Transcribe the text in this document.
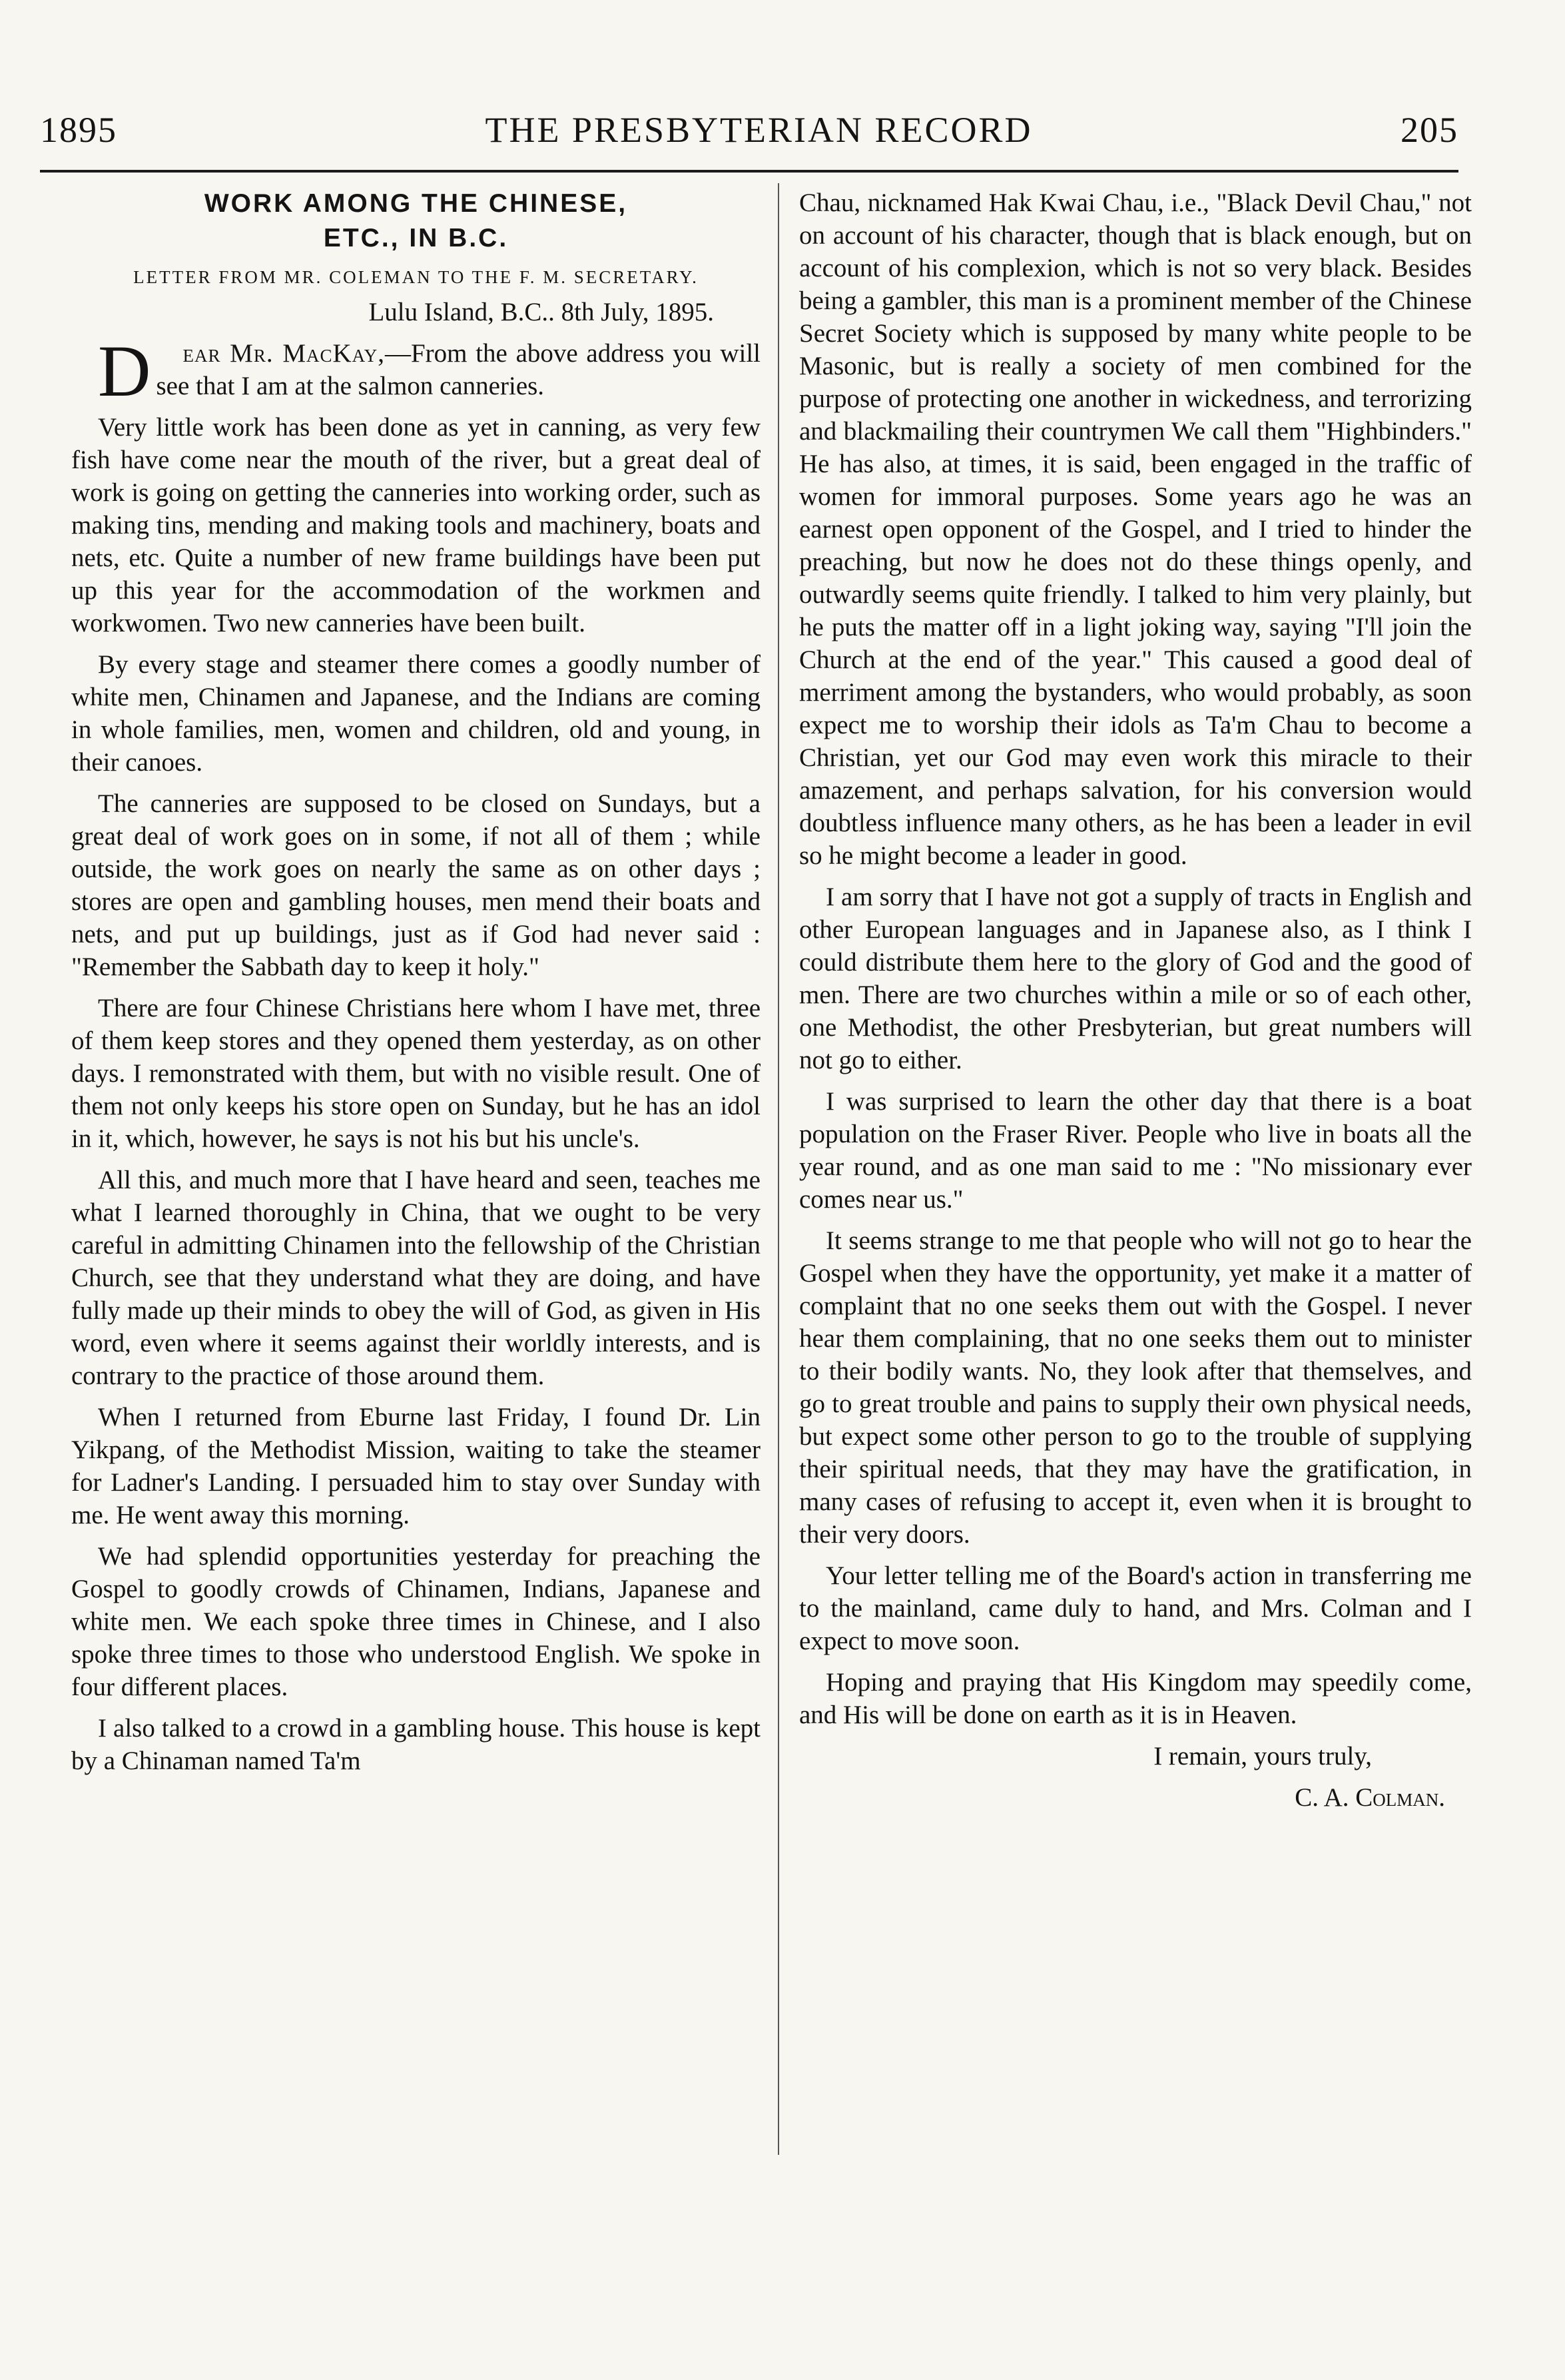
1895	THE PRESBYTERIAN RECORD	205
WORK AMONG THE CHINESE,
ETC., IN B.C.
LETTER FROM MR. COLEMAN TO THE F. M. SECRETARY.

Lulu Island, B.C.. 8th July, 1895.

D ear Mr. MacKay,—From the above address you will see that I am at the salmon canneries.

Very little work has been done as yet in canning, as very few fish have come near the mouth of the river, but a great deal of work is going on getting the canneries into working order, such as making tins, mending and making tools and machinery, boats and nets, etc. Quite a number of new frame buildings have been put up this year for the accommodation of the workmen and workwomen. Two new canneries have been built.

By every stage and steamer there comes a goodly number of white men, Chinamen and Japanese, and the Indians are coming in whole families, men, women and children, old and young, in their canoes.

The canneries are supposed to be closed on Sundays, but a great deal of work goes on in some, if not all of them ; while outside, the work goes on nearly the same as on other days ; stores are open and gambling houses, men mend their boats and nets, and put up buildings, just as if God had never said : "Remember the Sabbath day to keep it holy."

There are four Chinese Christians here whom I have met, three of them keep stores and they opened them yesterday, as on other days. I remonstrated with them, but with no visible result. One of them not only keeps his store open on Sunday, but he has an idol in it, which, however, he says is not his but his uncle's.

All this, and much more that I have heard and seen, teaches me what I learned thoroughly in China, that we ought to be very careful in admitting Chinamen into the fellowship of the Christian Church, see that they understand what they are doing, and have fully made up their minds to obey the will of God, as given in His word, even where it seems against their worldly interests, and is contrary to the practice of those around them.

When I returned from Eburne last Friday, I found Dr. Lin Yikpang, of the Methodist Mission, waiting to take the steamer for Ladner's Landing. I persuaded him to stay over Sunday with me. He went away this morning.

We had splendid opportunities yesterday for preaching the Gospel to goodly crowds of Chinamen, Indians, Japanese and white men. We each spoke three times in Chinese, and I also spoke three times to those who understood English. We spoke in four different places.

I also talked to a crowd in a gambling house. This house is kept by a Chinaman named Ta'm

Chau, nicknamed Hak Kwai Chau, i.e., "Black Devil Chau," not on account of his character, though that is black enough, but on account of his complexion, which is not so very black. Besides being a gambler, this man is a prominent member of the Chinese Secret Society which is supposed by many white people to be Masonic, but is really a society of men combined for the purpose of protecting one another in wickedness, and terrorizing and blackmailing their countrymen We call them "Highbinders." He has also, at times, it is said, been engaged in the traffic of women for immoral purposes. Some years ago he was an earnest open opponent of the Gospel, and I tried to hinder the preaching, but now he does not do these things openly, and outwardly seems quite friendly. I talked to him very plainly, but he puts the matter off in a light joking way, saying "I'll join the Church at the end of the year." This caused a good deal of merriment among the bystanders, who would probably, as soon expect me to worship their idols as Ta'm Chau to become a Christian, yet our God may even work this miracle to their amazement, and perhaps salvation, for his conversion would doubtless influence many others, as he has been a leader in evil so he might become a leader in good.

I am sorry that I have not got a supply of tracts in English and other European languages and in Japanese also, as I think I could distribute them here to the glory of God and the good of men. There are two churches within a mile or so of each other, one Methodist, the other Presbyterian, but great numbers will not go to either.

I was surprised to learn the other day that there is a boat population on the Fraser River. People who live in boats all the year round, and as one man said to me : "No missionary ever comes near us."

It seems strange to me that people who will not go to hear the Gospel when they have the opportunity, yet make it a matter of complaint that no one seeks them out with the Gospel. I never hear them complaining, that no one seeks them out to minister to their bodily wants. No, they look after that themselves, and go to great trouble and pains to supply their own physical needs, but expect some other person to go to the trouble of supplying their spiritual needs, that they may have the gratification, in many cases of refusing to accept it, even when it is brought to their very doors.

Your letter telling me of the Board's action in transferring me to the mainland, came duly to hand, and Mrs. Colman and I expect to move soon.

Hoping and praying that His Kingdom may speedily come, and His will be done on earth as it is in Heaven.

I remain, yours truly,

C. A. Colman.
